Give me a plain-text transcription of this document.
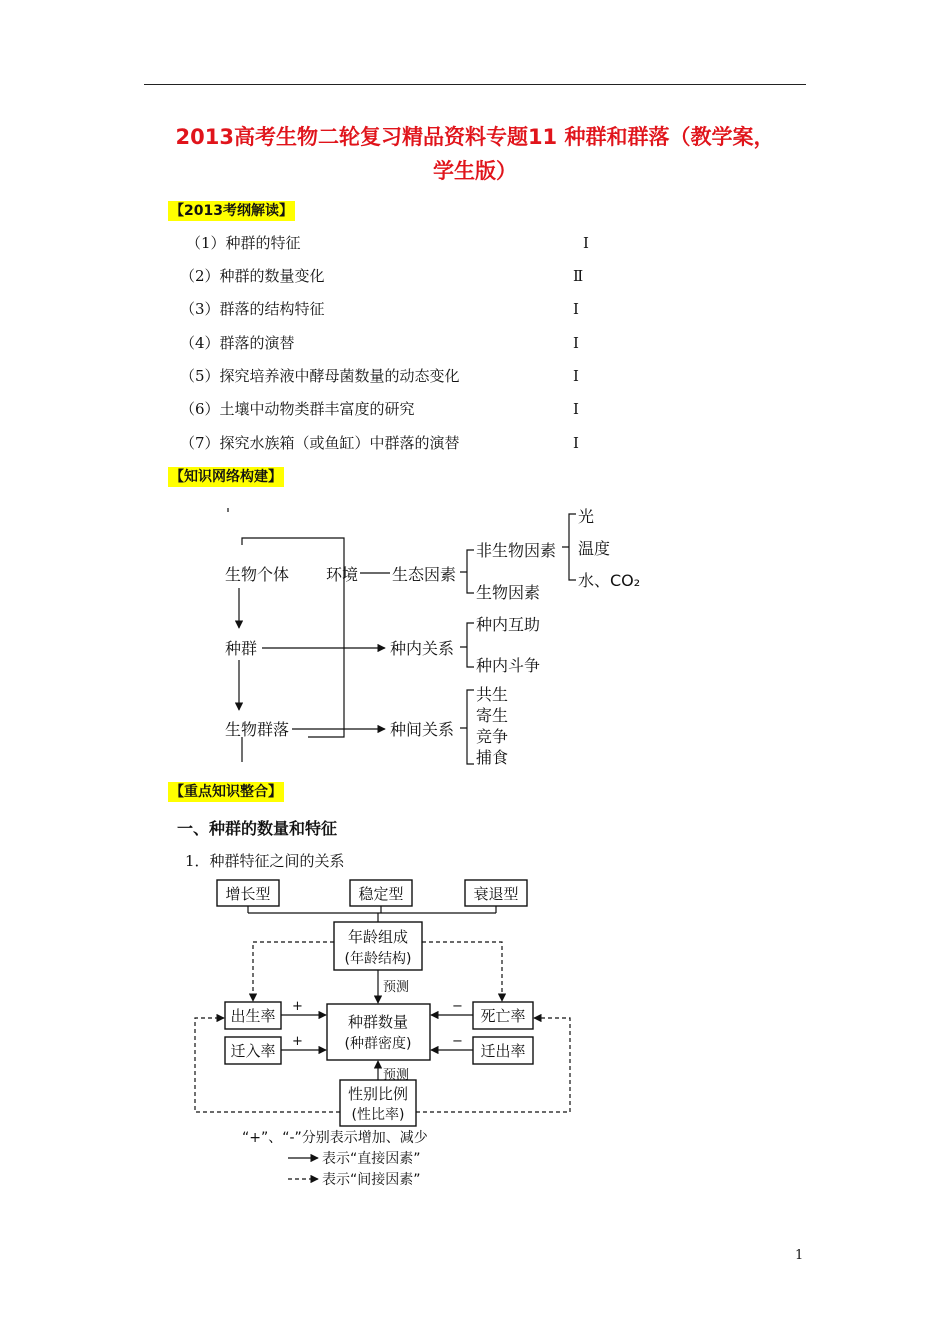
2013高考生物二轮复习精品资料专题11 种群和群落（教学案，
学生版）
【2013考纲解读】
（1）种群的特征	Ⅰ
（2）种群的数量变化	Ⅱ
（3）群落的结构特征	Ⅰ
（4）群落的演替	Ⅰ
（5）探究培养液中酵母菌数量的动态变化	Ⅰ
（6）土壤中动物类群丰富度的研究	Ⅰ
（7）探究水族箱（或鱼缸）中群落的演替	Ⅰ
【知识网络构建】
生物个体 环境 生态因素
非生物因素
生物因素
光
温度
水、CO₂
种群	种内关系
种内互助
种内斗争
生物群落	种间关系
共生
寄生
竞争
捕食
【重点知识整合】
一、种群的数量和特征
1．种群特征之间的关系
增长型	稳定型	衰退型
年龄组成
(年龄结构)
出生率
迁入率
死亡率
迁出率
种群数量
(种群密度)
性别比例
(性比率)
预测
预测
+
+
−
−
“+”、“-”分别表示增加、减少
表示“直接因素”
表示“间接因素”
1
